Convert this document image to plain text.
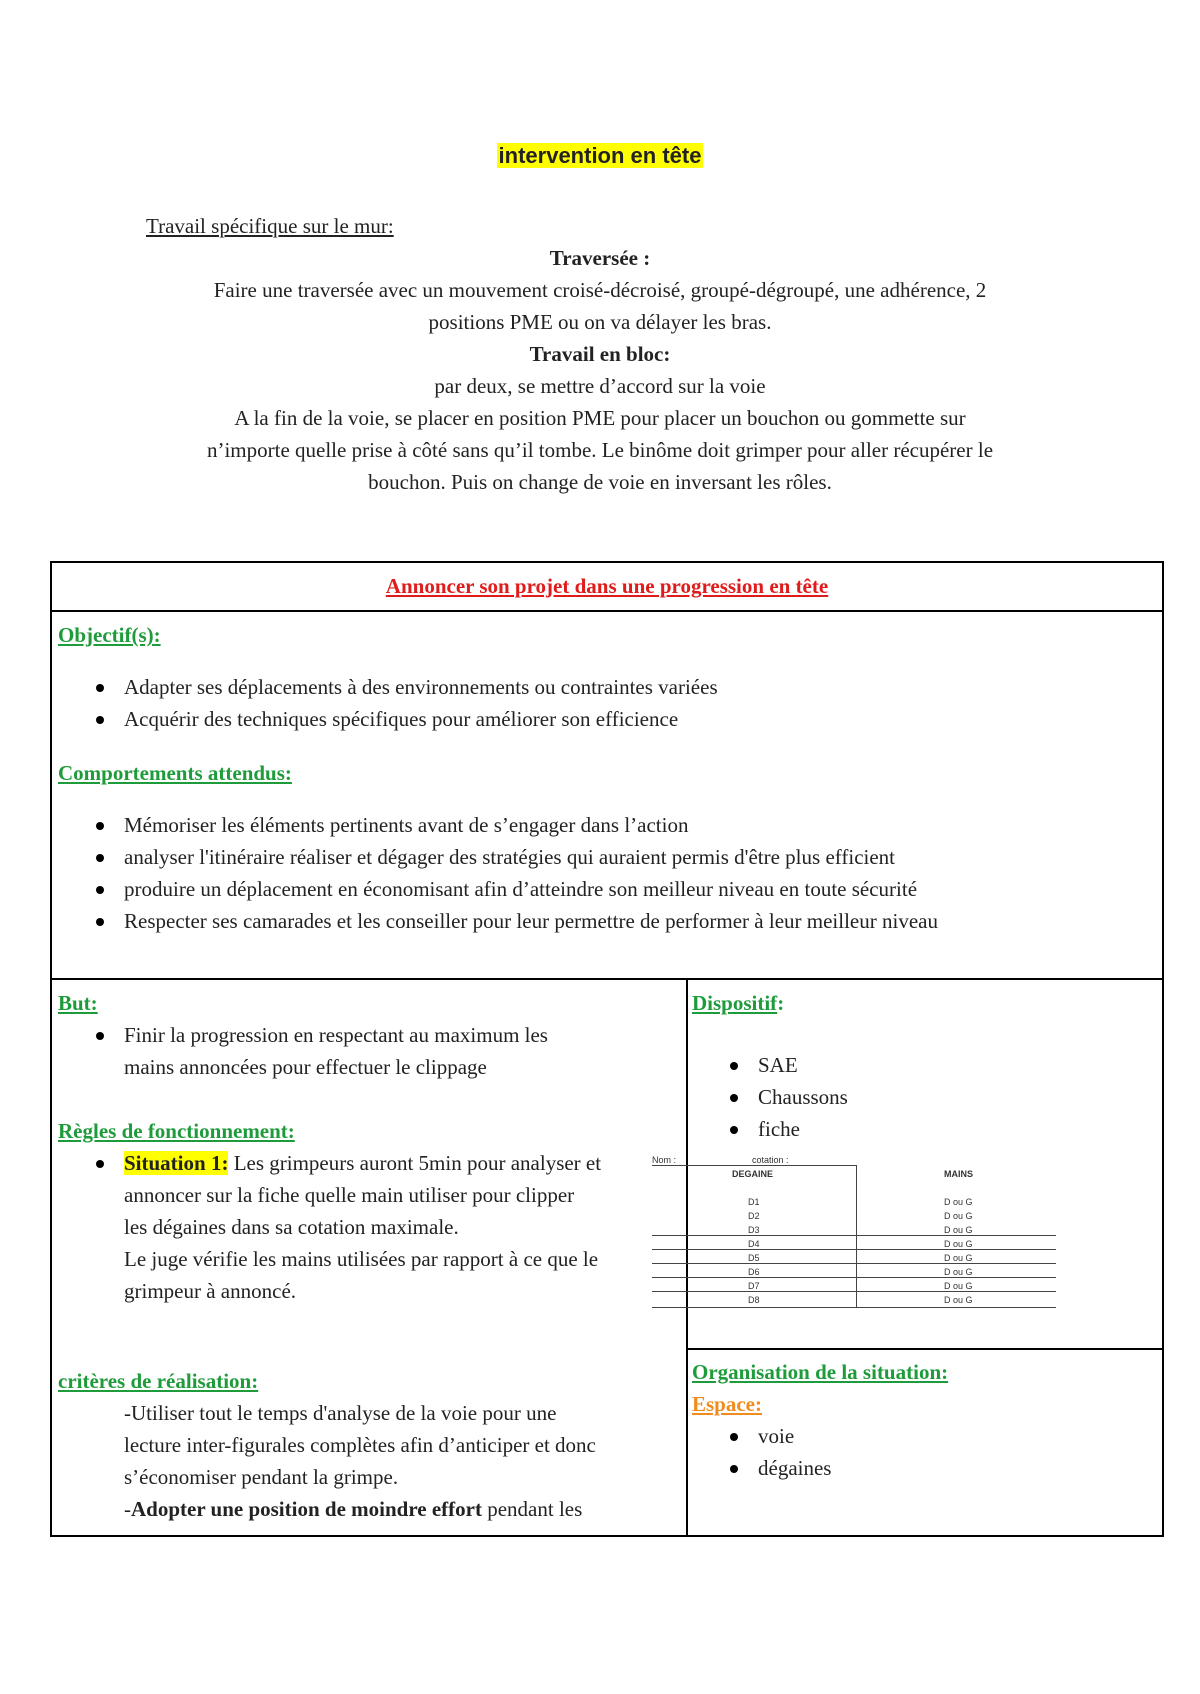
intervention en tête
Travail spécifique sur le mur:
Traversée :
Faire une traversée avec un mouvement croisé-décroisé, groupé-dégroupé, une adhérence, 2
positions PME ou on va délayer les bras.
Travail en bloc:
par deux, se mettre d’accord sur la voie
A la fin de la voie, se placer en position PME pour placer un bouchon ou gommette sur
n’importe quelle prise à côté sans qu’il tombe. Le binôme doit grimper pour aller récupérer le
bouchon. Puis on change de voie en inversant les rôles.
Annoncer son projet dans une progression en tête
Objectif(s):
Adapter ses déplacements à des environnements ou contraintes variées
Acquérir des techniques spécifiques pour améliorer son efficience
Comportements attendus:
Mémoriser les éléments pertinents avant de s’engager dans l’action
analyser l'itinéraire réaliser et dégager des stratégies qui auraient permis d'être plus efficient
produire un déplacement en économisant afin d’atteindre son meilleur niveau en toute sécurité
Respecter ses camarades et les conseiller pour leur permettre de performer à leur meilleur niveau
But:
Finir la progression en respectant au maximum les
mains annoncées pour effectuer le clippage
Règles de fonctionnement:
Situation 1: Les grimpeurs auront 5min pour analyser et
annoncer sur la fiche quelle main utiliser pour clipper
les dégaines dans sa cotation maximale.
Le juge vérifie les mains utilisées par rapport à ce que le
grimpeur à annoncé.
critères de réalisation:
-Utiliser tout le temps d'analyse de la voie pour une
lecture inter-figurales complètes afin d’anticiper et donc
s’économiser pendant la grimpe.
-Adopter une position de moindre effort pendant les
Dispositif:
SAE
Chaussons
fiche
Organisation de la situation:
Espace:
voie
dégaines
Nom :	cotation :
DEGAINE	MAINS
D1
D2
D3
D4
D5
D6
D7
D8
D ou G
D ou G
D ou G
D ou G
D ou G
D ou G
D ou G
D ou G
